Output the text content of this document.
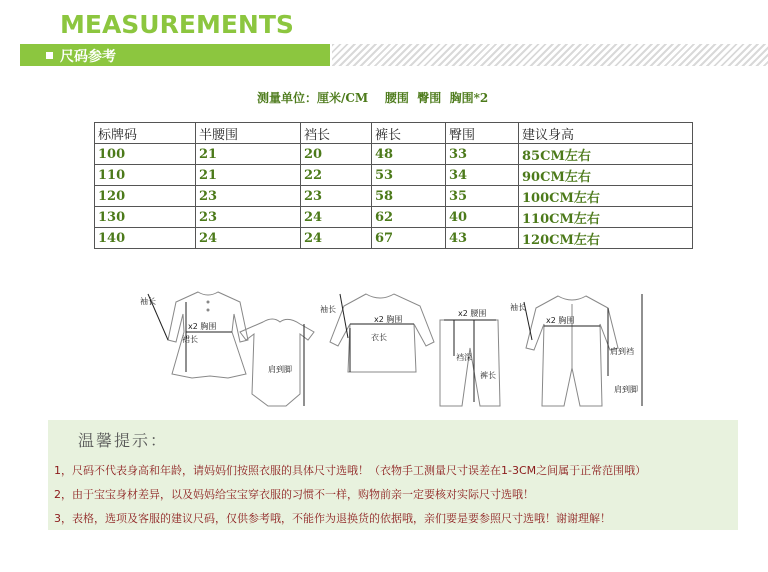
MEASUREMENTS
尺码参考
测量单位：厘米/CM    腰围  臀围  胸围*2
标牌码	半腰围	裆长	裤长	臀围	建议身高
100	21	20	48	33	85CM左右
110	21	22	53	34	90CM左右
120	23	23	58	35	100CM左右
130	23	24	62	40	110CM左右
140	24	24	67	43	120CM左右
袖长
x2 胸围
裙长
肩到脚
袖长
x2 胸围
衣长
x2 腰围
裆深
裤长
袖长
x2 胸围
肩到裆
肩到脚
温馨提示：
1，尺码不代表身高和年龄，请妈妈们按照衣服的具体尺寸选哦！（衣物手工测量尺寸误差在1-3CM之间属于正常范围哦）
2，由于宝宝身材差异，以及妈妈给宝宝穿衣服的习惯不一样，购物前亲一定要核对实际尺寸选哦！
3，表格，选项及客服的建议尺码，仅供参考哦，不能作为退换货的依据哦，亲们要是要参照尺寸选哦！谢谢理解！
